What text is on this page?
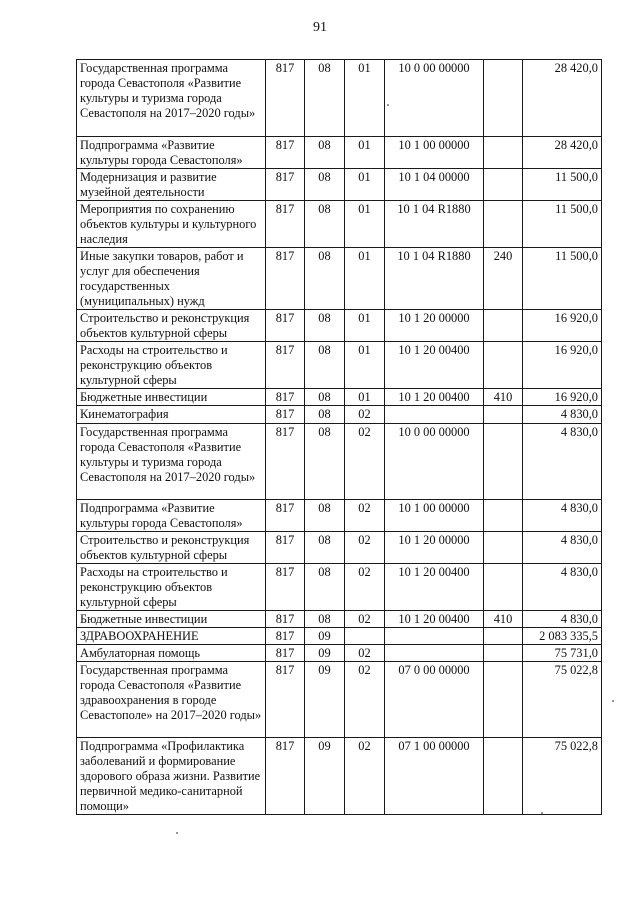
91
Государственная программа города Севастополя «Развитие культуры и туризма города Севастополя на 2017–2020 годы»	817	08	01	10 0 00 00000		28 420,0
Подпрограмма «Развитие культуры города Севастополя»	817	08	01	10 1 00 00000		28 420,0
Модернизация и развитие музейной деятельности	817	08	01	10 1 04 00000		11 500,0
Мероприятия по сохранению объектов культуры и культурного наследия	817	08	01	10 1 04 R1880		11 500,0
Иные закупки товаров, работ и услуг для обеспечения государственных (муниципальных) нужд	817	08	01	10 1 04 R1880	240	11 500,0
Строительство и реконструкция объектов культурной сферы	817	08	01	10 1 20 00000		16 920,0
Расходы на строительство и реконструкцию объектов культурной сферы	817	08	01	10 1 20 00400		16 920,0
Бюджетные инвестиции	817	08	01	10 1 20 00400	410	16 920,0
Кинематография	817	08	02			4 830,0
Государственная программа города Севастополя «Развитие культуры и туризма города Севастополя на 2017–2020 годы»	817	08	02	10 0 00 00000		4 830,0
Подпрограмма «Развитие культуры города Севастополя»	817	08	02	10 1 00 00000		4 830,0
Строительство и реконструкция объектов культурной сферы	817	08	02	10 1 20 00000		4 830,0
Расходы на строительство и реконструкцию объектов культурной сферы	817	08	02	10 1 20 00400		4 830,0
Бюджетные инвестиции	817	08	02	10 1 20 00400	410	4 830,0
ЗДРАВООХРАНЕНИЕ	817	09				2 083 335,5
Амбулаторная помощь	817	09	02			75 731,0
Государственная программа города Севастополя «Развитие здравоохранения в городе Севастополе» на 2017–2020 годы»	817	09	02	07 0 00 00000		75 022,8
Подпрограмма «Профилактика заболеваний и формирование здорового образа жизни. Развитие первичной медико-санитарной помощи»	817	09	02	07 1 00 00000		75 022,8
